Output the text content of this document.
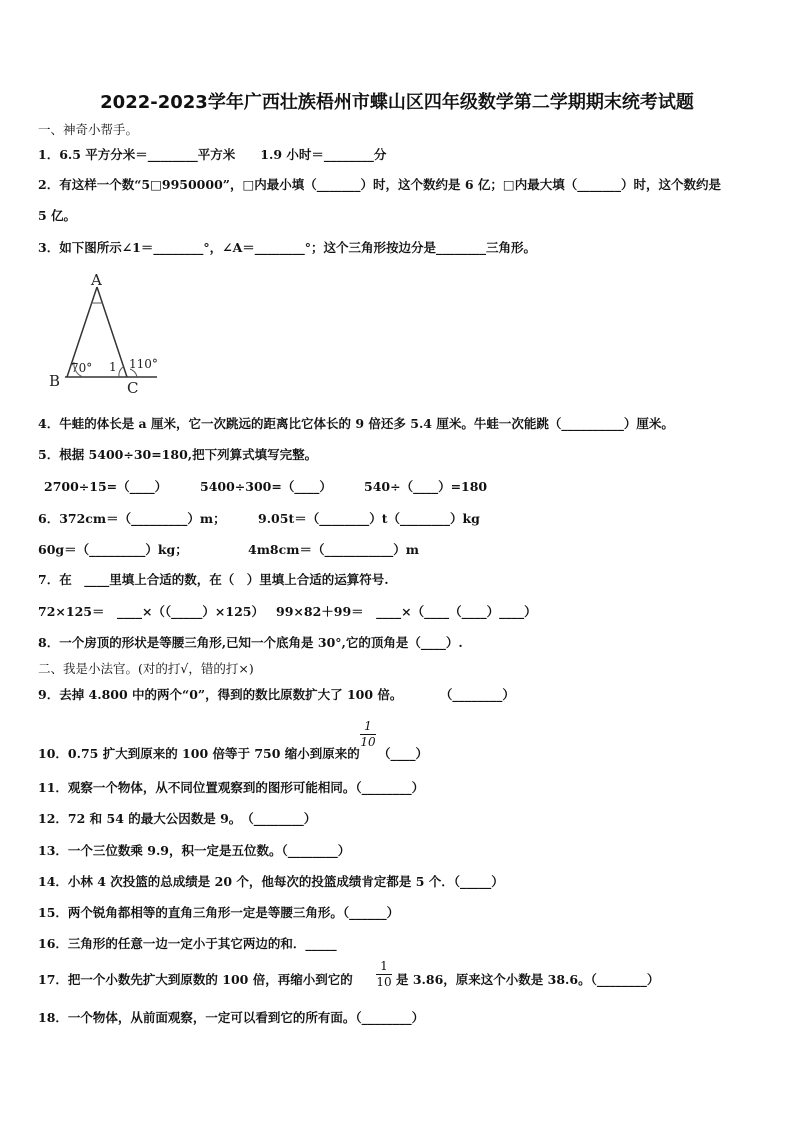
2022-2023学年广西壮族梧州市蝶山区四年级数学第二学期期末统考试题
一、神奇小帮手。
1．6.5 平方分米＝________平方米　　1.9 小时＝________分
2．有这样一个数“5□9950000”，□内最小填（_______）时，这个数约是 6 亿；□内最大填（_______）时，这个数约是
5 亿。
3．如下图所示∠1＝________°，∠A＝________°；这个三角形按边分是________三角形。
A
B	C
70° 1 110°
4．牛蛙的体长是 a 厘米，它一次跳远的距离比它体长的 9 倍还多 5.4 厘米。牛蛙一次能跳（__________）厘米。
5．根据 5400÷30=180,把下列算式填写完整。
2700÷15=（____）	5400÷300=（____）	540÷（____）=180
6．372cm＝（_________）m；	9.05t＝（________）t（________）kg
60g＝（_________）kg；	4m8cm＝（___________）m
7．在　____里填上合适的数，在（　）里填上合适的运算符号.
72×125＝　____×（（_____）×125） 99×82＋99＝　____×（____（____）____）
8．一个房顶的形状是等腰三角形,已知一个底角是 30°,它的顶角是（____）.
二、我是小法官。(对的打√，错的打×)
9．去掉 4.800 中的两个“0”，得到的数比原数扩大了 100 倍。　　　　（________）
10．0.75 扩大到原来的 100 倍等于 750 缩小到原来的
1
10
（____）
11．观察一个物体，从不同位置观察到的图形可能相同。（________）
12．72 和 54 的最大公因数是 9。　（________）
13．一个三位数乘 9.9，积一定是五位数。（________）
14．小林 4 次投篮的总成绩是 20 个，他每次的投篮成绩肯定都是 5 个．（_____）
15．两个锐角都相等的直角三角形一定是等腰三角形。（______）
16．三角形的任意一边一定小于其它两边的和．_____
17．把一个小数先扩大到原数的 100 倍，再缩小到它的
1
10 是 3.86，原来这个小数是 38.6。（________）
18．一个物体，从前面观察，一定可以看到它的所有面。（________）
